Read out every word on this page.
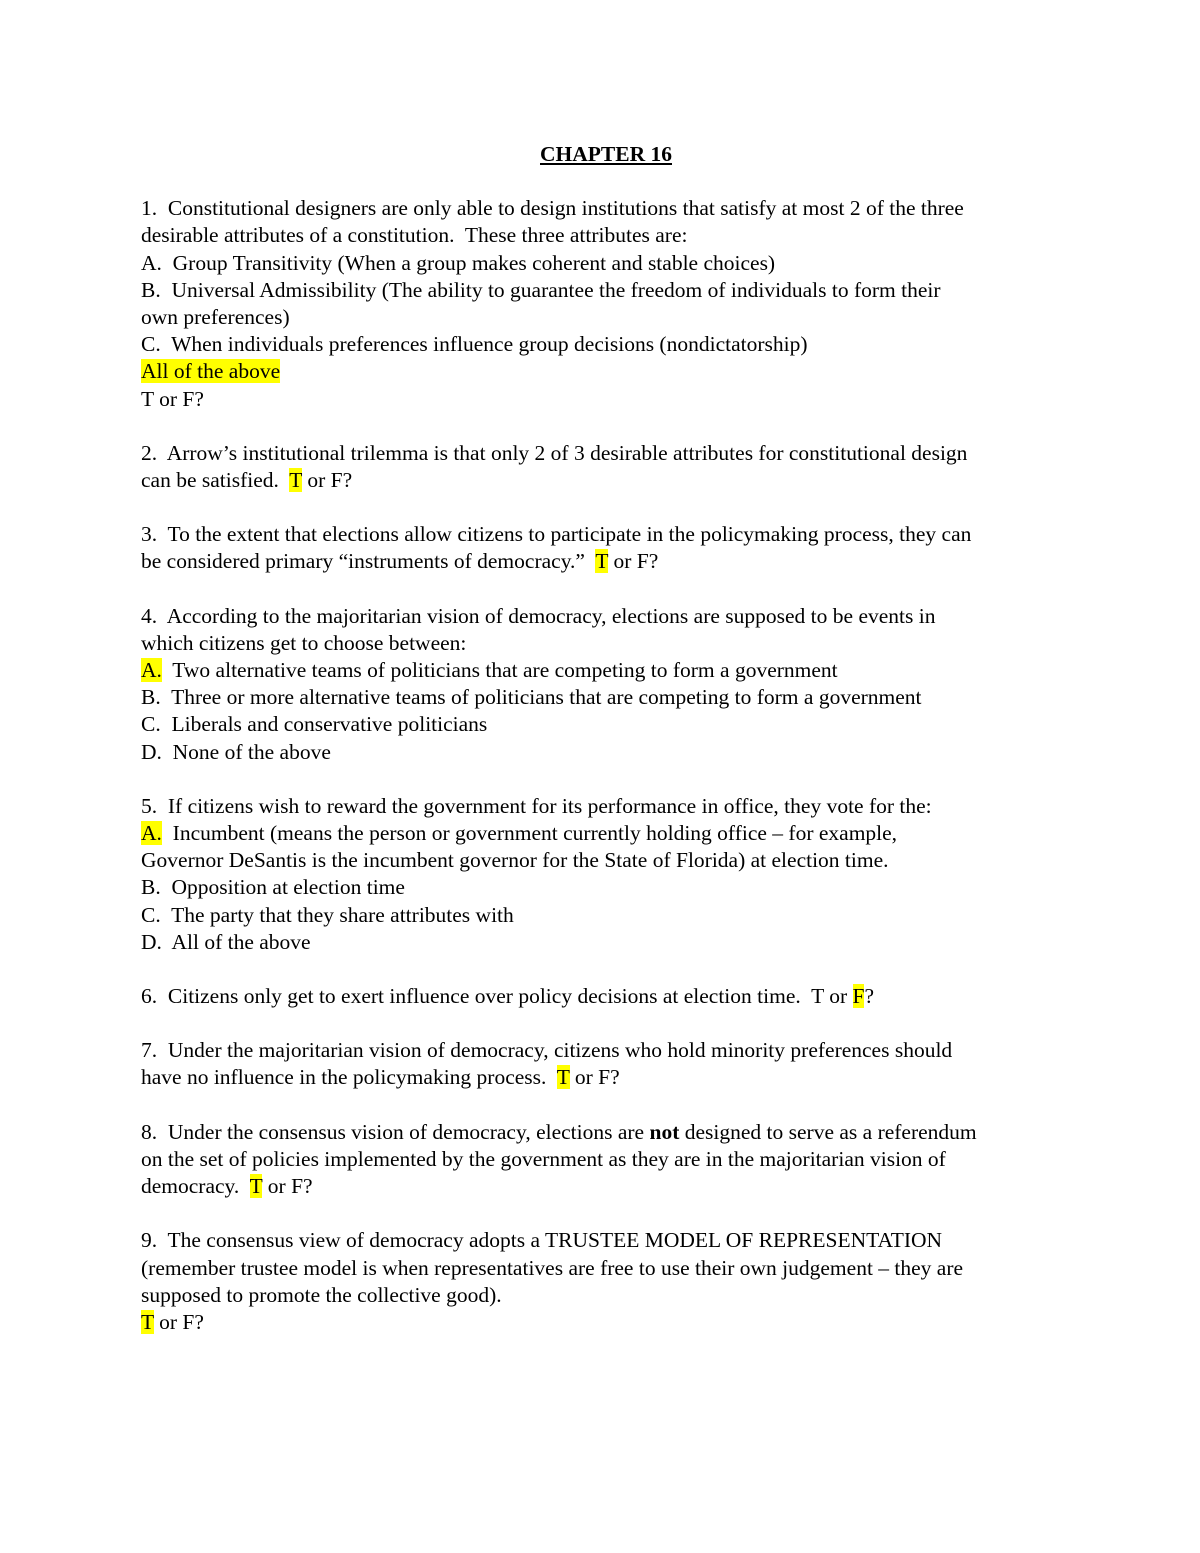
CHAPTER 16
1.  Constitutional designers are only able to design institutions that satisfy at most 2 of the three
desirable attributes of a constitution.  These three attributes are:
A.  Group Transitivity (When a group makes coherent and stable choices)
B.  Universal Admissibility (The ability to guarantee the freedom of individuals to form their
own preferences)
C.  When individuals preferences influence group decisions (nondictatorship)
All of the above
T or F?
2.  Arrow’s institutional trilemma is that only 2 of 3 desirable attributes for constitutional design
can be satisfied.  T or F?
3.  To the extent that elections allow citizens to participate in the policymaking process, they can
be considered primary “instruments of democracy.”  T or F?
4.  According to the majoritarian vision of democracy, elections are supposed to be events in
which citizens get to choose between:
A.  Two alternative teams of politicians that are competing to form a government
B.  Three or more alternative teams of politicians that are competing to form a government
C.  Liberals and conservative politicians
D.  None of the above
5.  If citizens wish to reward the government for its performance in office, they vote for the:
A.  Incumbent (means the person or government currently holding office – for example,
Governor DeSantis is the incumbent governor for the State of Florida) at election time.
B.  Opposition at election time
C.  The party that they share attributes with
D.  All of the above
6.  Citizens only get to exert influence over policy decisions at election time.  T or F?
7.  Under the majoritarian vision of democracy, citizens who hold minority preferences should
have no influence in the policymaking process.  T or F?
8.  Under the consensus vision of democracy, elections are not designed to serve as a referendum
on the set of policies implemented by the government as they are in the majoritarian vision of
democracy.  T or F?
9.  The consensus view of democracy adopts a TRUSTEE MODEL OF REPRESENTATION
(remember trustee model is when representatives are free to use their own judgement – they are
supposed to promote the collective good).
T or F?
